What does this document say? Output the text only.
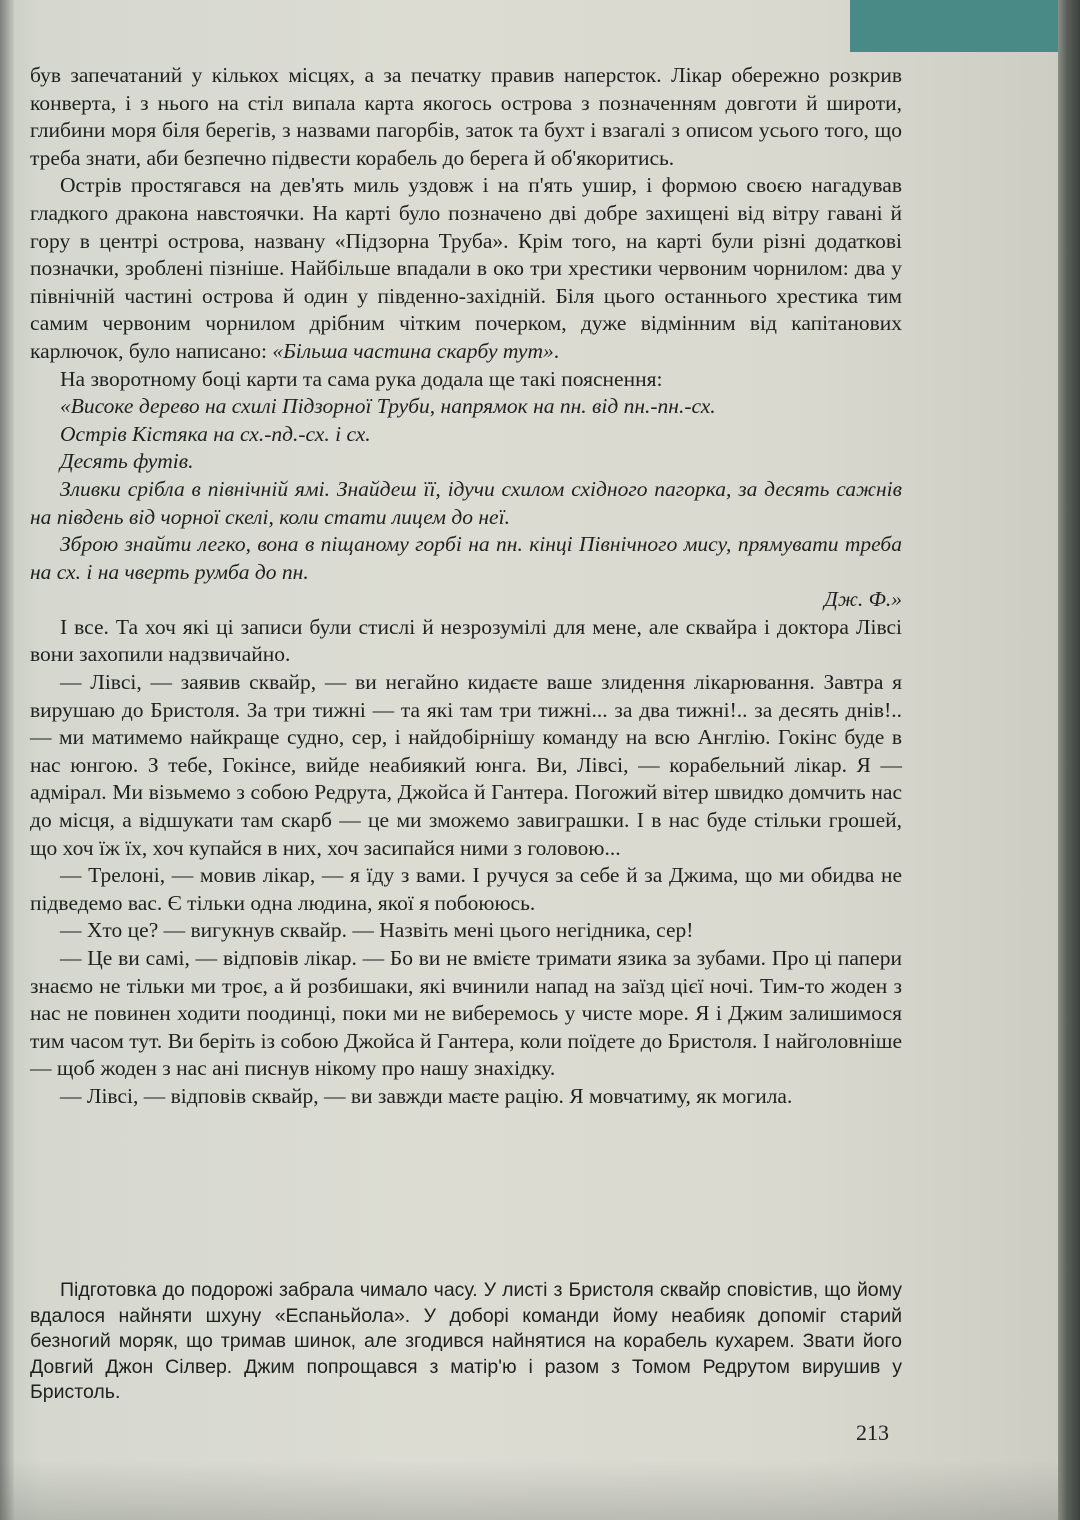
був запечатаний у кількох місцях, а за печатку правив наперсток. Лікар обережно розкрив конверта, і з нього на стіл випала карта якогось острова з позначенням довготи й широти, глибини моря біля берегів, з назвами пагорбів, заток та бухт і взагалі з описом усього того, що треба знати, аби безпечно підвести корабель до берега й об'якоритись.

Острів простягався на дев'ять миль уздовж і на п'ять ушир, і формою своєю нагадував гладкого дракона навстоячки. На карті було позначено дві добре захищені від вітру гавані й гору в центрі острова, названу «Підзорна Труба». Крім того, на карті були різні додаткові позначки, зроблені пізніше. Найбільше впадали в око три хрестики червоним чорнилом: два у північній частині острова й один у південно-західній. Біля цього останнього хрестика тим самим червоним чорнилом дрібним чітким почерком, дуже відмінним від капітанових карлючок, було написано: «Більша частина скарбу тут».

На зворотному боці карти та сама рука додала ще такі пояснення:

«Високе дерево на схилі Підзорної Труби, напрямок на пн. від пн.-пн.-сх.

Острів Кістяка на сх.-пд.-сх. і сх.

Десять футів.

Зливки срібла в північній ямі. Знайдеш її, ідучи схилом східного пагорка, за десять сажнів на південь від чорної скелі, коли стати лицем до неї.

Зброю знайти легко, вона в піщаному горбі на пн. кінці Північного мису, прямувати треба на сх. і на чверть румба до пн.

Дж. Ф.»

І все. Та хоч які ці записи були стислі й незрозумілі для мене, але сквайра і доктора Лівсі вони захопили надзвичайно.

— Лівсі, — заявив сквайр, — ви негайно кидаєте ваше злидення лікарювання. Завтра я вирушаю до Бристоля. За три тижні — та які там три тижні... за два тижні!.. за десять днів!.. — ми матимемо найкраще судно, сер, і найдобірнішу команду на всю Англію. Гокінс буде в нас юнгою. З тебе, Гокінсе, вийде неабиякий юнга. Ви, Лівсі, — корабельний лікар. Я — адмірал. Ми візьмемо з собою Редрута, Джойса й Гантера. Погожий вітер швидко домчить нас до місця, а відшукати там скарб — це ми зможемо завиграшки. І в нас буде стільки грошей, що хоч їж їх, хоч купайся в них, хоч засипайся ними з головою...

— Трелоні, — мовив лікар, — я їду з вами. І ручуся за себе й за Джима, що ми обидва не підведемо вас. Є тільки одна людина, якої я побоююсь.

— Хто це? — вигукнув сквайр. — Назвіть мені цього негідника, сер!

— Це ви самі, — відповів лікар. — Бо ви не вмієте тримати язика за зубами. Про ці папери знаємо не тільки ми троє, а й розбишаки, які вчинили напад на заїзд цієї ночі. Тим-то жоден з нас не повинен ходити поодинці, поки ми не виберемось у чисте море. Я і Джим залишимося тим часом тут. Ви беріть із собою Джойса й Гантера, коли поїдете до Бристоля. І найголовніше — щоб жоден з нас ані писнув нікому про нашу знахідку.

— Лівсі, — відповів сквайр, — ви завжди маєте рацію. Я мовчатиму, як могила.

Підготовка до подорожі забрала чимало часу. У листі з Бристоля сквайр сповістив, що йому вдалося найняти шхуну «Еспаньйола». У доборі команди йому неабияк допоміг старий безногий моряк, що тримав шинок, але згодився найнятися на корабель кухарем. Звати його Довгий Джон Сілвер. Джим попрощався з матір'ю і разом з Томом Редрутом вирушив у Бристоль.
213
